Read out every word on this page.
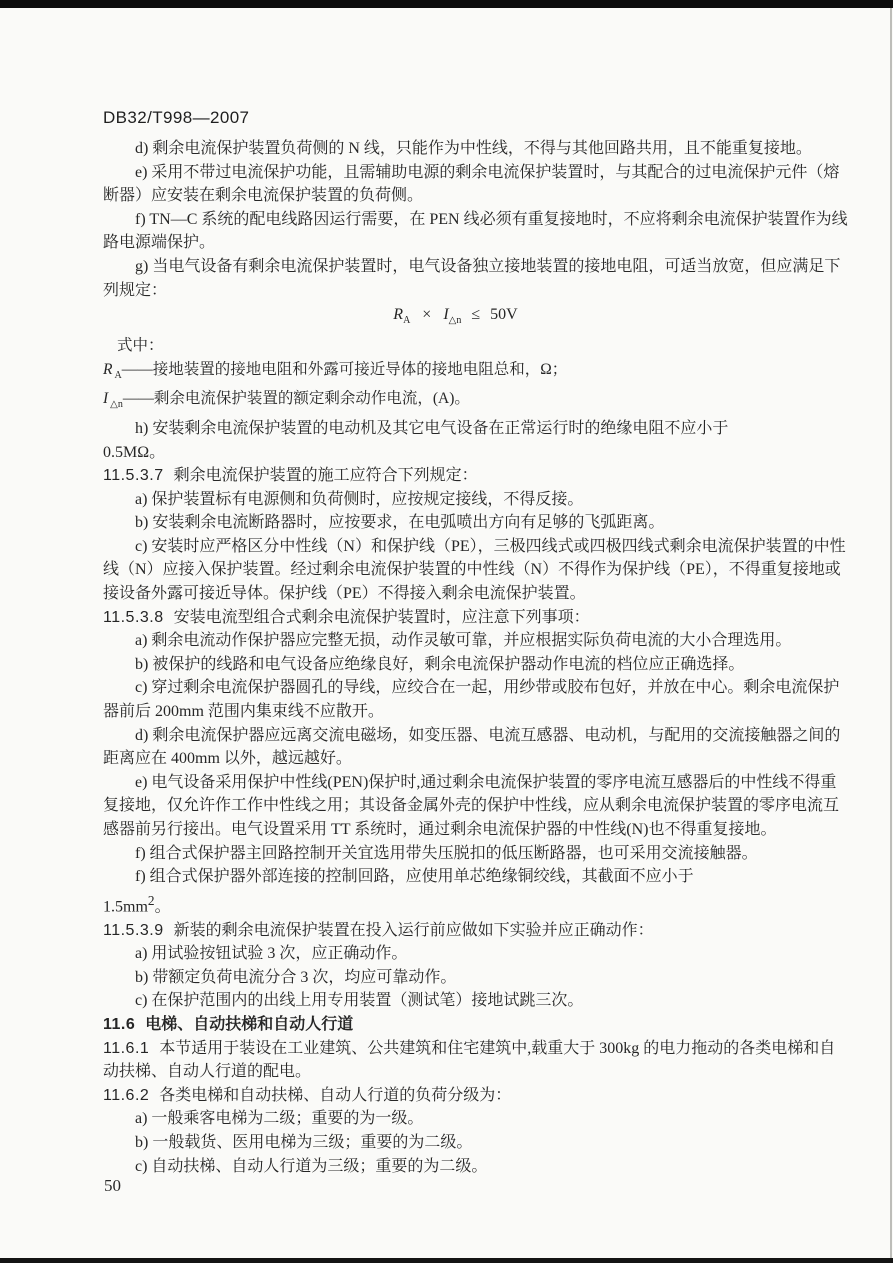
DB32/T998—2007

d) 剩余电流保护装置负荷侧的 N 线，只能作为中性线，不得与其他回路共用，且不能重复接地。

e) 采用不带过电流保护功能，且需辅助电源的剩余电流保护装置时，与其配合的过电流保护元件（熔断器）应安装在剩余电流保护装置的负荷侧。

f) TN—C 系统的配电线路因运行需要，在 PEN 线必须有重复接地时，不应将剩余电流保护装置作为线路电源端保护。

g) 当电气设备有剩余电流保护装置时，电气设备独立接地装置的接地电阻，可适当放宽，但应满足下列规定：

$R_A \times I_{\triangle n} \le 50V$

式中：

R $_A$——接地装置的接地电阻和外露可接近导体的接地电阻总和，Ω；

I $_{\triangle n}$——剩余电流保护装置的额定剩余动作电流，(A)。

h) 安装剩余电流保护装置的电动机及其它电气设备在正常运行时的绝缘电阻不应小于

0.5MΩ。

11.5.3.7 剩余电流保护装置的施工应符合下列规定：

a) 保护装置标有电源侧和负荷侧时，应按规定接线，不得反接。

b) 安装剩余电流断路器时，应按要求，在电弧喷出方向有足够的飞弧距离。

c) 安装时应严格区分中性线（N）和保护线（PE），三极四线式或四极四线式剩余电流保护装置的中性线（N）应接入保护装置。经过剩余电流保护装置的中性线（N）不得作为保护线（PE），不得重复接地或接设备外露可接近导体。保护线（PE）不得接入剩余电流保护装置。

11.5.3.8 安装电流型组合式剩余电流保护装置时，应注意下列事项：

a) 剩余电流动作保护器应完整无损，动作灵敏可靠，并应根据实际负荷电流的大小合理选用。

b) 被保护的线路和电气设备应绝缘良好，剩余电流保护器动作电流的档位应正确选择。

c) 穿过剩余电流保护器圆孔的导线，应绞合在一起，用纱带或胶布包好，并放在中心。剩余电流保护器前后 200mm 范围内集束线不应散开。

d) 剩余电流保护器应远离交流电磁场，如变压器、电流互感器、电动机，与配用的交流接触器之间的距离应在 400mm 以外，越远越好。

e) 电气设备采用保护中性线(PEN)保护时,通过剩余电流保护装置的零序电流互感器后的中性线不得重复接地，仅允许作工作中性线之用；其设备金属外壳的保护中性线，应从剩余电流保护装置的零序电流互感器前另行接出。电气设置采用 TT 系统时，通过剩余电流保护器的中性线(N)也不得重复接地。

f) 组合式保护器主回路控制开关宜选用带失压脱扣的低压断路器，也可采用交流接触器。

f) 组合式保护器外部连接的控制回路，应使用单芯绝缘铜绞线，其截面不应小于

$1.5mm^2$。

11.5.3.9 新装的剩余电流保护装置在投入运行前应做如下实验并应正确动作：

a) 用试验按钮试验 3 次，应正确动作。

b) 带额定负荷电流分合 3 次，均应可靠动作。

c) 在保护范围内的出线上用专用装置（测试笔）接地试跳三次。

11.6 电梯、自动扶梯和自动人行道

11.6.1 本节适用于装设在工业建筑、公共建筑和住宅建筑中,载重大于 300kg 的电力拖动的各类电梯和自动扶梯、自动人行道的配电。

11.6.2 各类电梯和自动扶梯、自动人行道的负荷分级为：

a) 一般乘客电梯为二级；重要的为一级。

b) 一般载货、医用电梯为三级；重要的为二级。

c) 自动扶梯、自动人行道为三级；重要的为二级。

50
